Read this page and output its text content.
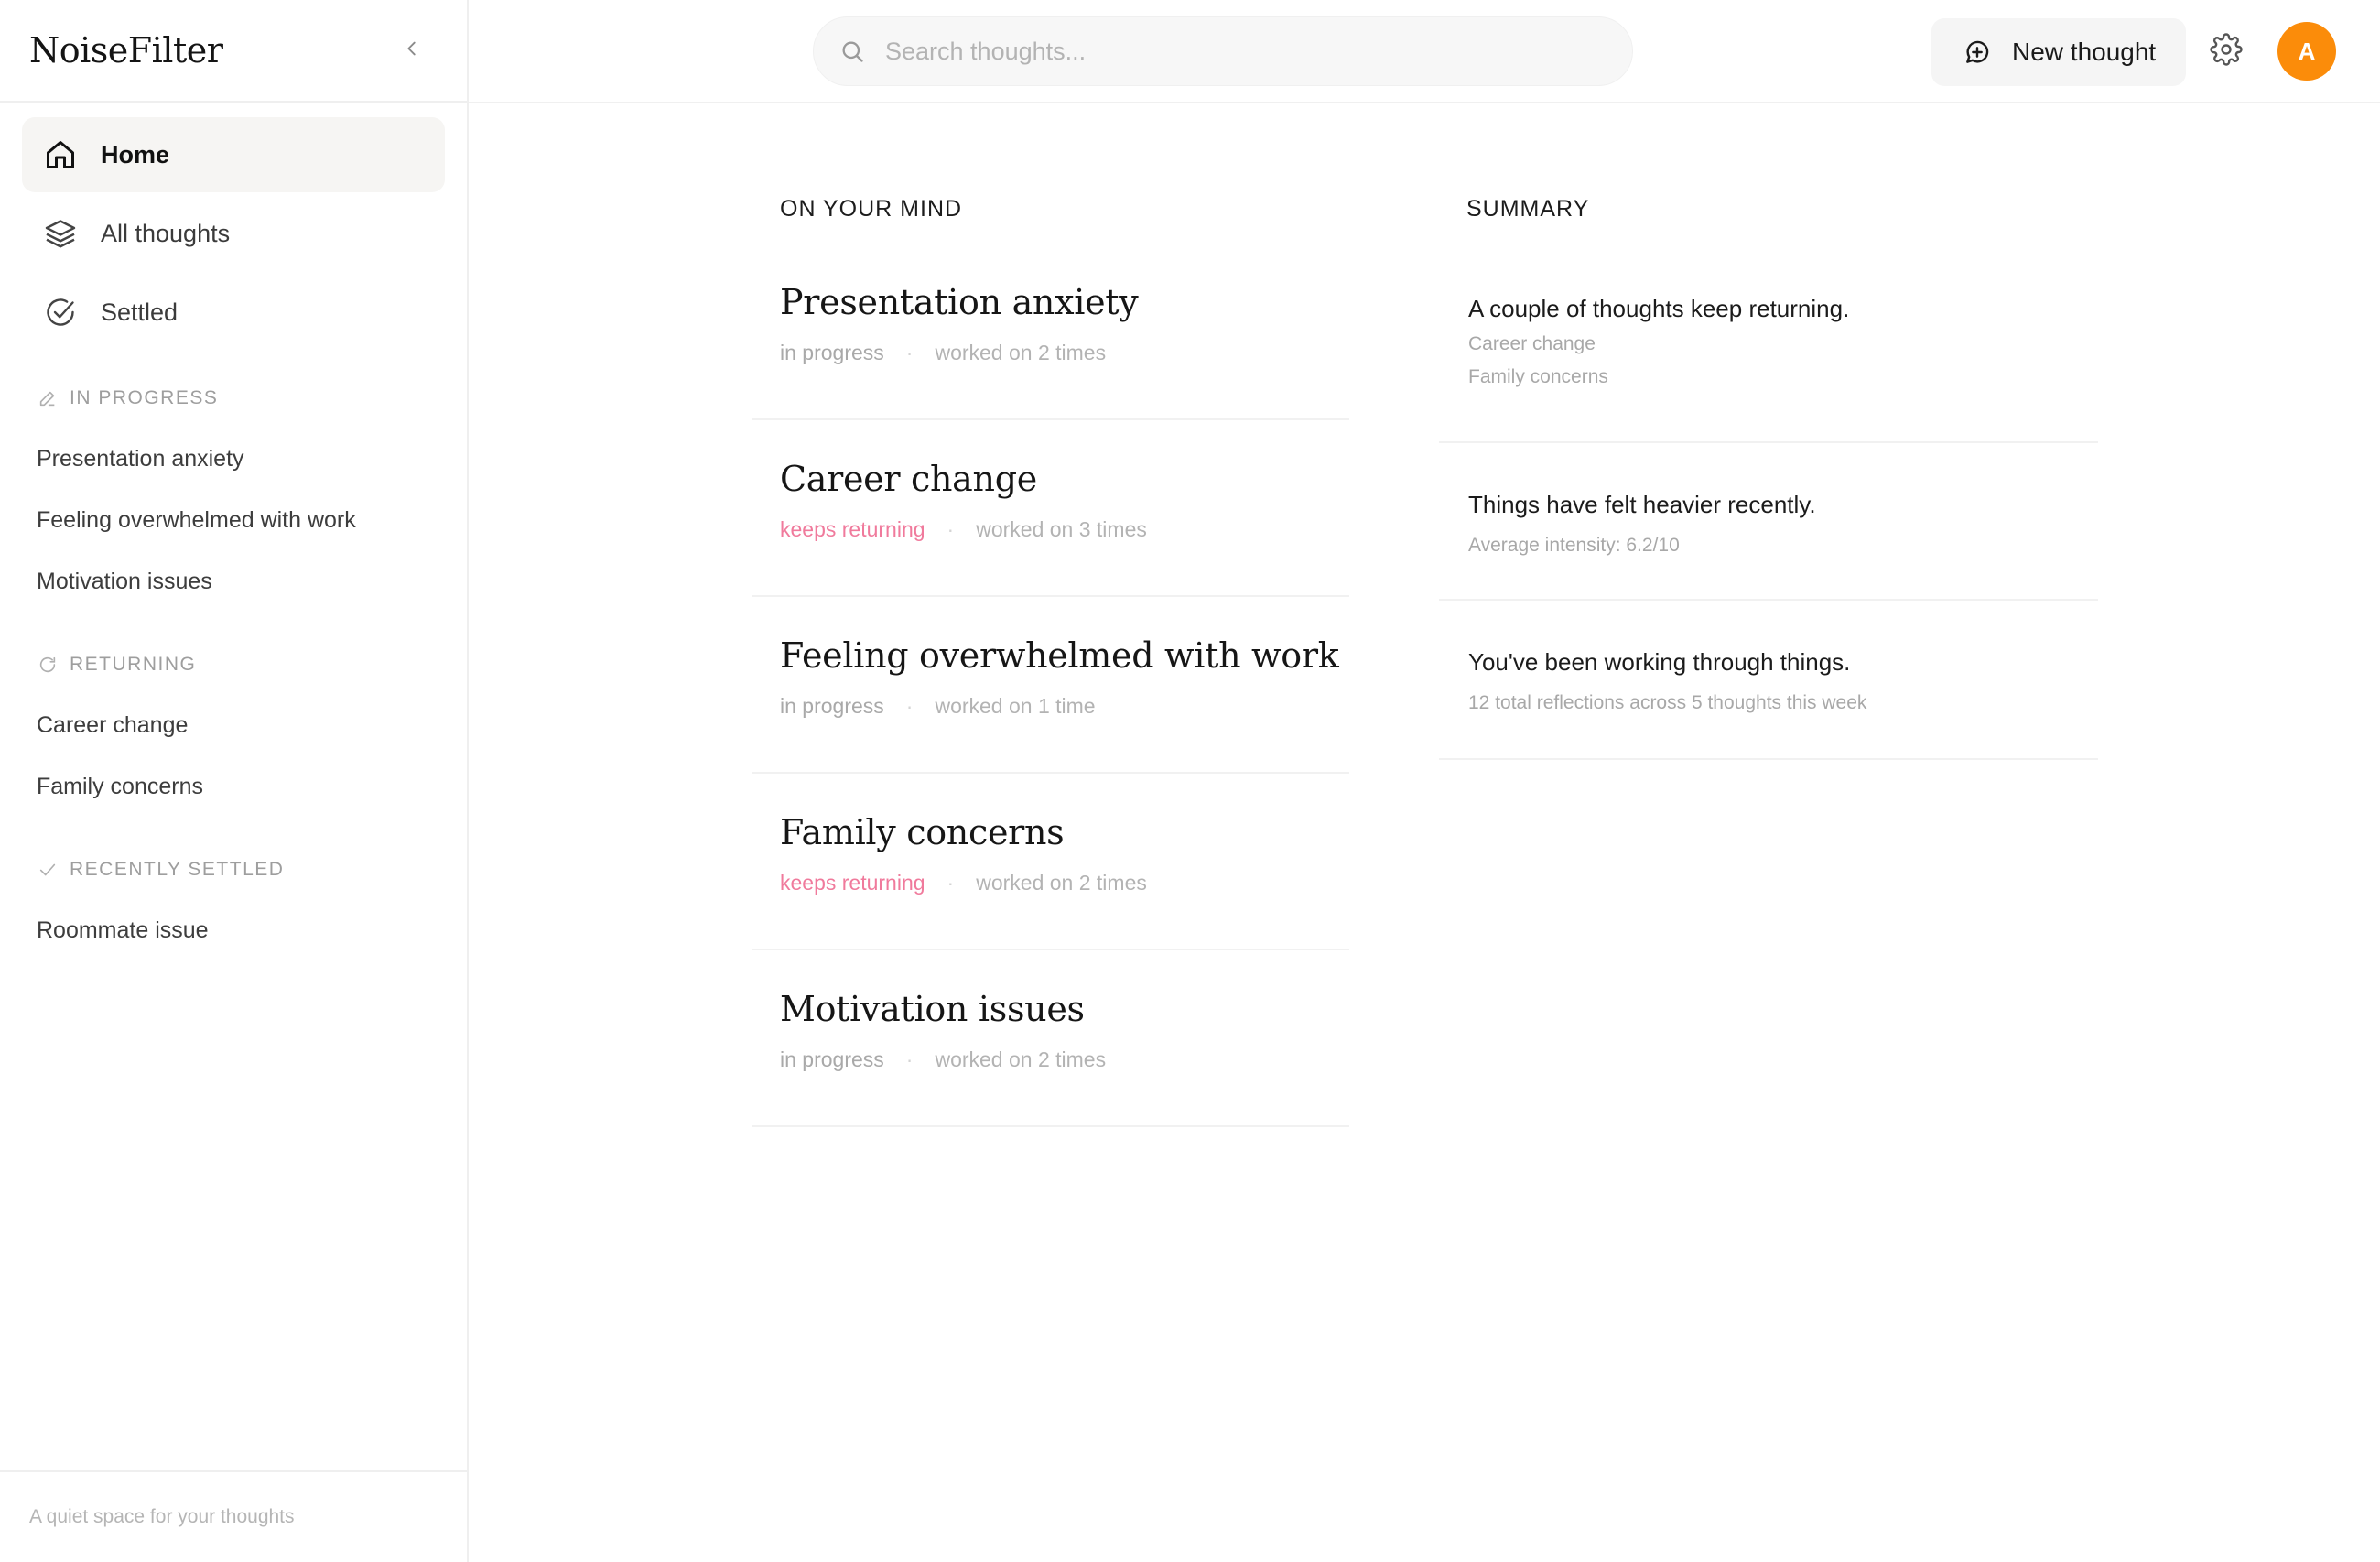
NoiseFilter
Home
All thoughts
Settled
IN PROGRESS
Presentation anxiety
Feeling overwhelmed with work
Motivation issues
RETURNING
Career change
Family concerns
RECENTLY SETTLED
Roommate issue
A quiet space for your thoughts
Search thoughts...
New thought	A
ON YOUR MIND
Presentation anxiety
in progress · worked on 2 times
Career change
keeps returning · worked on 3 times
Feeling overwhelmed with work
in progress · worked on 1 time
Family concerns
keeps returning · worked on 2 times
Motivation issues
in progress · worked on 2 times
SUMMARY
A couple of thoughts keep returning.
Career change
Family concerns
Things have felt heavier recently.
Average intensity: 6.2/10
You've been working through things.
12 total reflections across 5 thoughts this week
